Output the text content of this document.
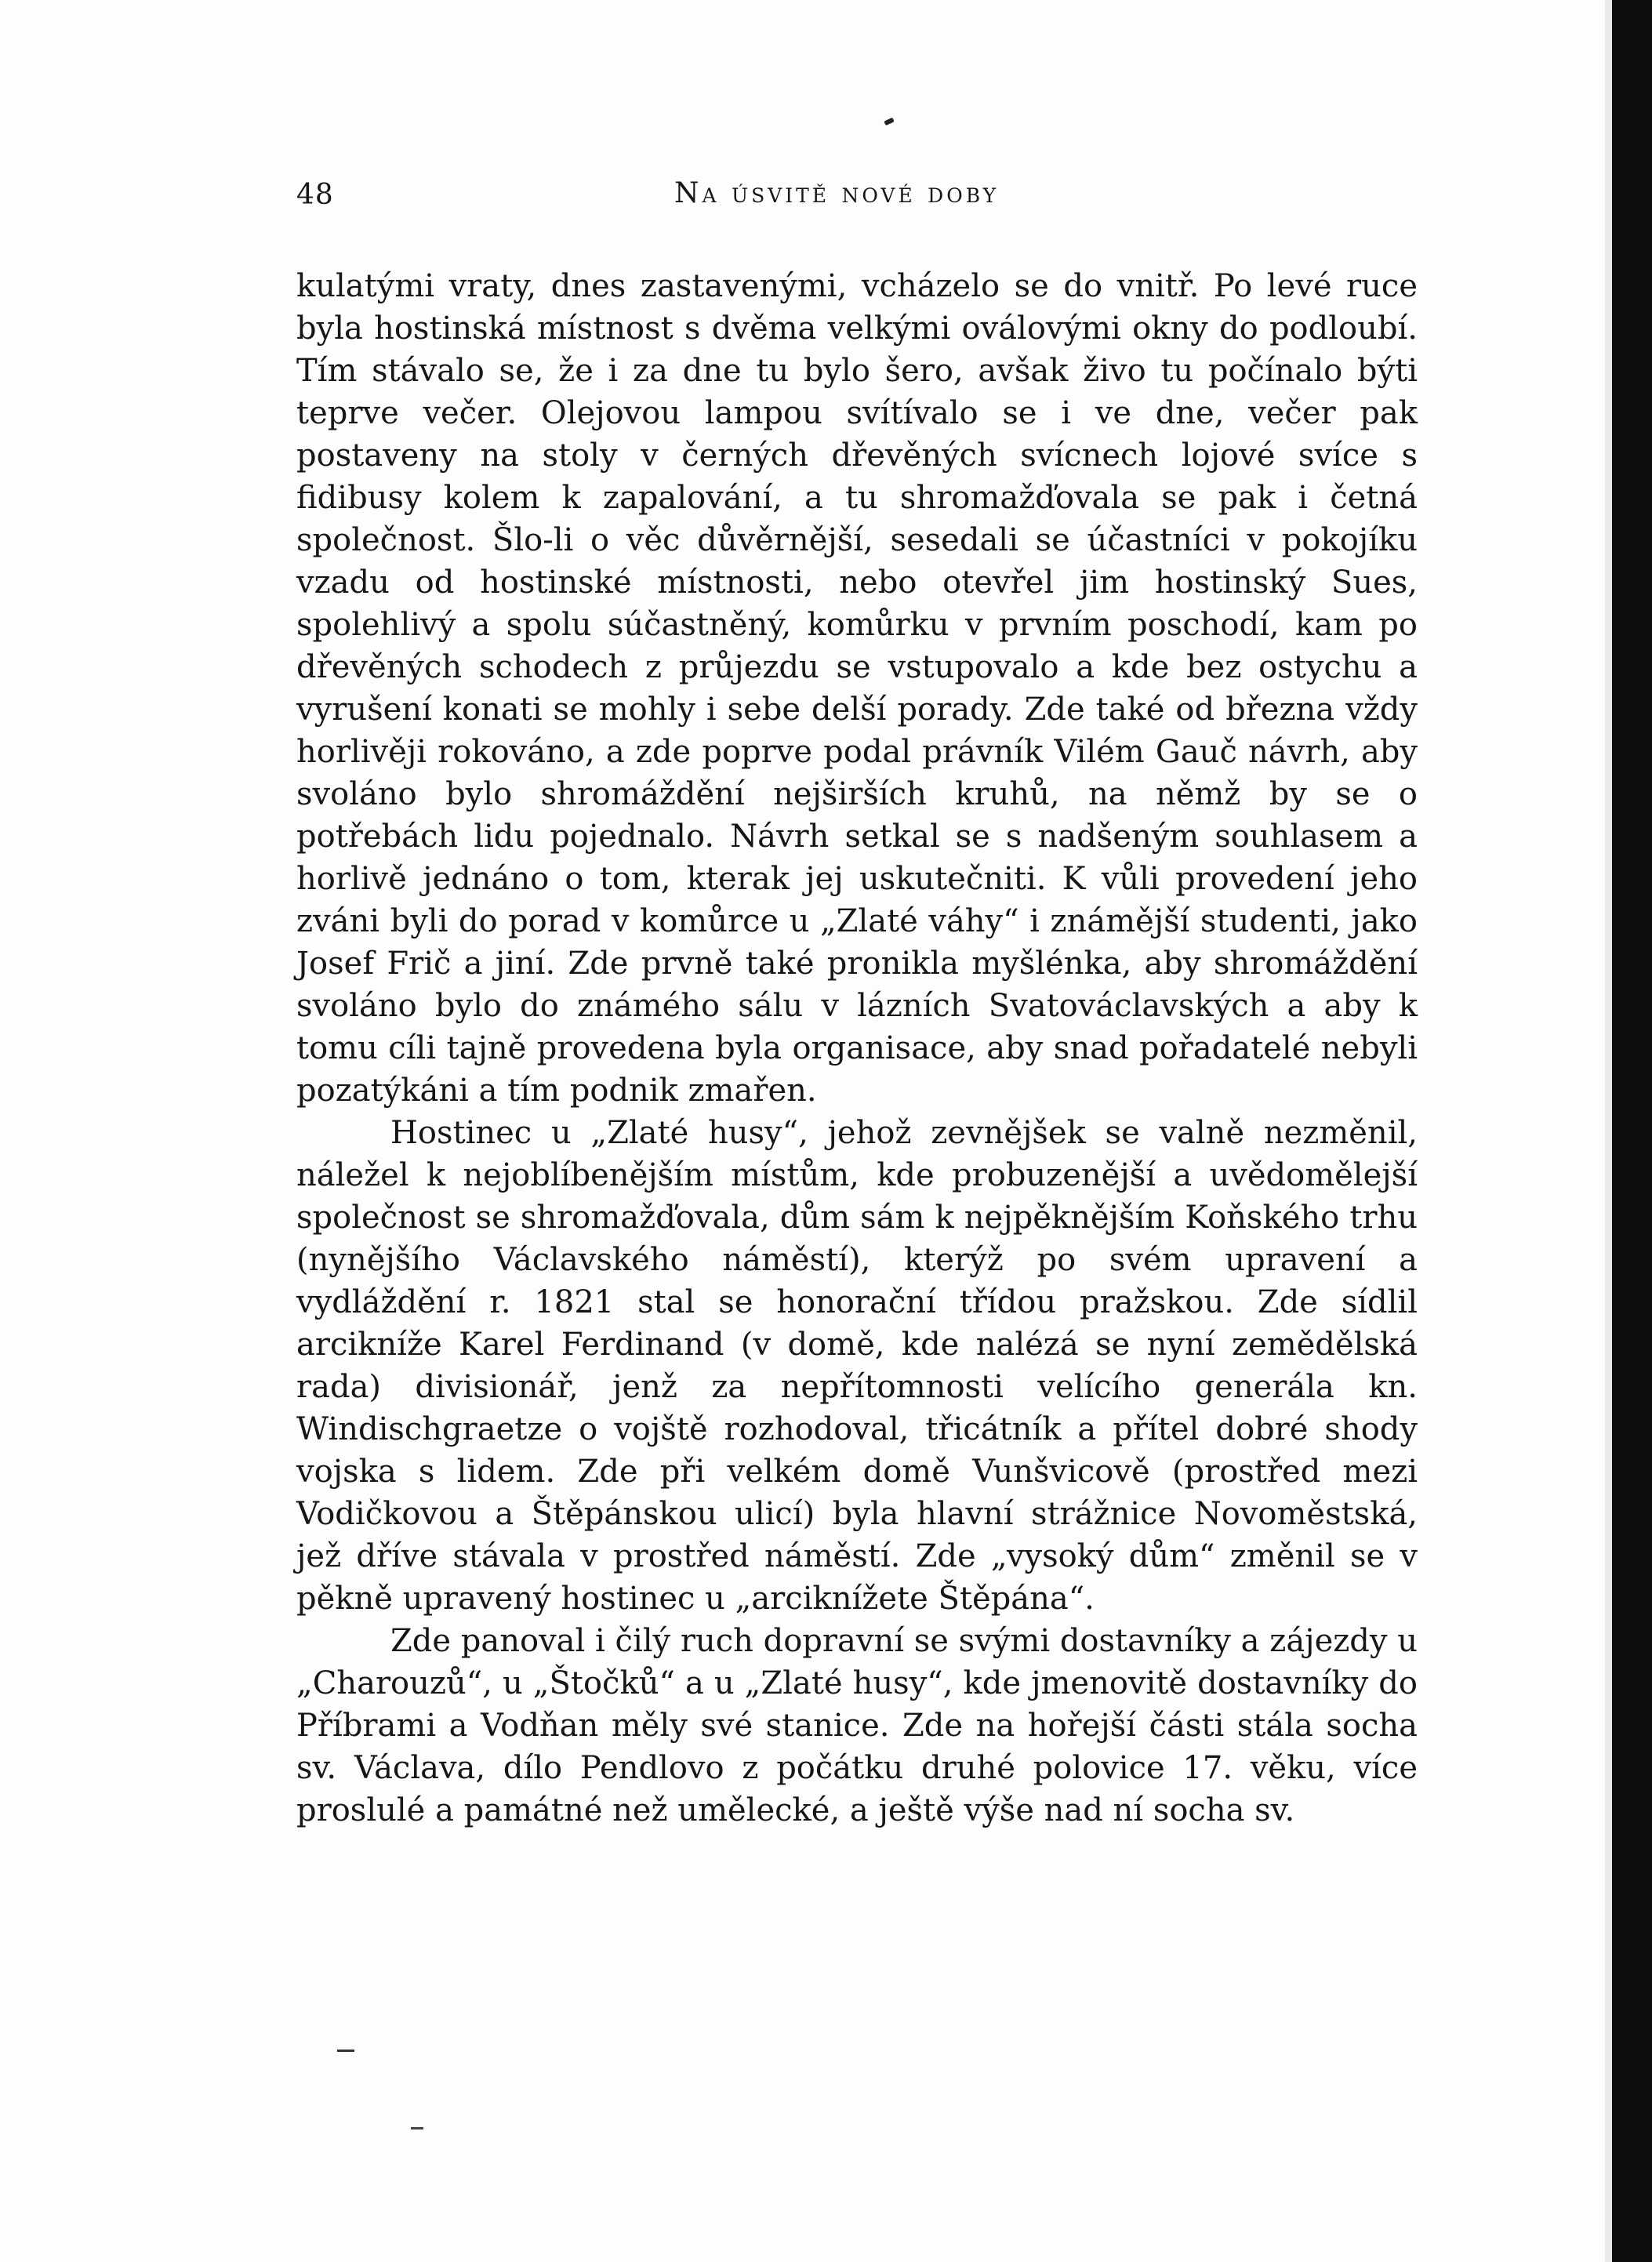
48	Na úsvitě nové doby

kulatými vraty, dnes zastavenými, vcházelo se do vnitř. Po levé ruce byla hostinská místnost s dvěma velkými oválovými okny do podloubí. Tím stávalo se, že i za dne tu bylo šero, avšak živo tu počínalo býti teprve večer. Olejovou lampou svítívalo se i ve dne, večer pak postaveny na stoly v černých dřevěných svícnech lojové svíce s fidibusy kolem k zapalování, a tu shromažďovala se pak i četná společnost. Šlo-li o věc důvěrnější, sesedali se účastníci v pokojíku vzadu od hostinské místnosti, nebo otevřel jim hostinský Sues, spolehlivý a spolu súčastněný, komůrku v prvním poschodí, kam po dřevěných schodech z průjezdu se vstupovalo a kde bez ostychu a vyrušení konati se mohly i sebe delší porady. Zde také od března vždy horlivěji rokováno, a zde poprve podal právník Vilém Gauč návrh, aby svoláno bylo shromáždění nejširších kruhů, na němž by se o potřebách lidu pojednalo. Návrh setkal se s nadšeným souhlasem a horlivě jednáno o tom, kterak jej uskutečniti. K vůli provedení jeho zváni byli do porad v komůrce u „Zlaté váhy“ i známější studenti, jako Josef Frič a jiní. Zde prvně také pronikla myšlénka, aby shromáždění svoláno bylo do známého sálu v lázních Svatováclavských a aby k tomu cíli tajně provedena byla organisace, aby snad pořadatelé nebyli pozatýkáni a tím podnik zmařen.

Hostinec u „Zlaté husy“, jehož zevnějšek se valně nezměnil, náležel k nejoblíbenějším místům, kde probuzenější a uvědomělejší společnost se shromažďovala, dům sám k nejpěknějším Koňského trhu (nynějšího Václavského náměstí), kterýž po svém upravení a vydláždění r. 1821 stal se honorační třídou pražskou. Zde sídlil arcikníže Karel Ferdinand (v domě, kde nalézá se nyní zemědělská rada) divisionář, jenž za nepřítomnosti velícího generála kn. Windischgraetze o vojště rozhodoval, třicátník a přítel dobré shody vojska s lidem. Zde při velkém domě Vunšvicově (prostřed mezi Vodičkovou a Štěpánskou ulicí) byla hlavní strážnice Novoměstská, jež dříve stávala v prostřed náměstí. Zde „vysoký dům“ změnil se v pěkně upravený hostinec u „arciknížete Štěpána“.

Zde panoval i čilý ruch dopravní se svými dostavníky a zájezdy u „Charouzů“, u „Štočků“ a u „Zlaté husy“, kde jmenovitě dostavníky do Příbrami a Vodňan měly své stanice. Zde na hořejší části stála socha sv. Václava, dílo Pendlovo z počátku druhé polovice 17. věku, více proslulé a památné než umělecké, a ještě výše nad ní socha sv.
